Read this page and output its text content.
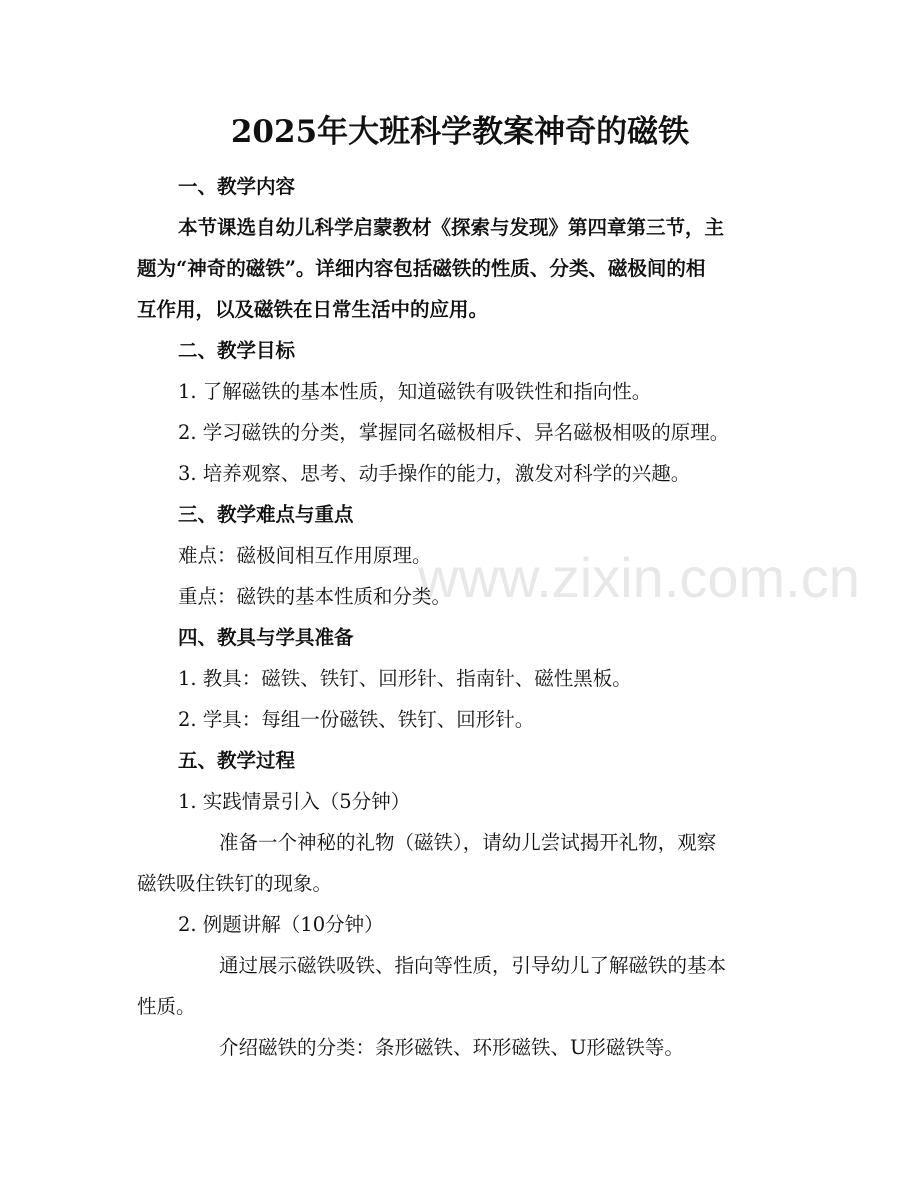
www.zixin.com.cn
2025年大班科学教案神奇的磁铁
一、教学内容
本节课选自幼儿科学启蒙教材《探索与发现》第四章第三节，主
题为“神奇的磁铁”。详细内容包括磁铁的性质、分类、磁极间的相
互作用，以及磁铁在日常生活中的应用。
二、教学目标
1. 了解磁铁的基本性质，知道磁铁有吸铁性和指向性。
2. 学习磁铁的分类，掌握同名磁极相斥、异名磁极相吸的原理。
3. 培养观察、思考、动手操作的能力，激发对科学的兴趣。
三、教学难点与重点
难点：磁极间相互作用原理。
重点：磁铁的基本性质和分类。
四、教具与学具准备
1. 教具：磁铁、铁钉、回形针、指南针、磁性黑板。
2. 学具：每组一份磁铁、铁钉、回形针。
五、教学过程
1. 实践情景引入（5分钟）
准备一个神秘的礼物（磁铁），请幼儿尝试揭开礼物，观察
磁铁吸住铁钉的现象。
2. 例题讲解（10分钟）
通过展示磁铁吸铁、指向等性质，引导幼儿了解磁铁的基本
性质。
介绍磁铁的分类：条形磁铁、环形磁铁、U形磁铁等。
